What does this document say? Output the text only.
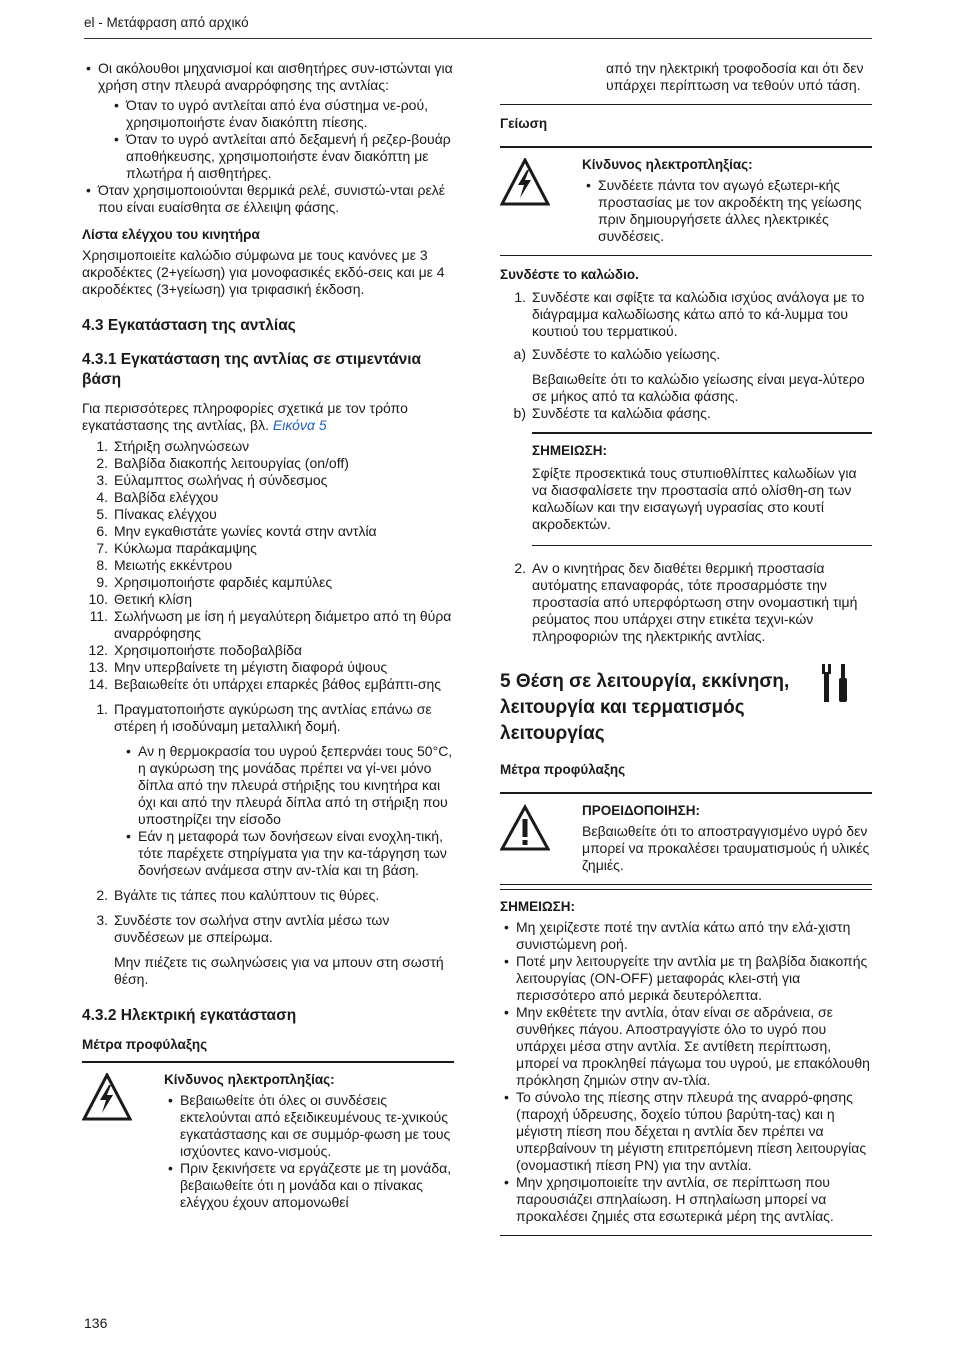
el - Μετάφραση από αρχικό
• Οι ακόλουθοι μηχανισμοί και αισθητήρες συν-ιστώνται για χρήση στην πλευρά αναρρόφησης της αντλίας:
• Όταν το υγρό αντλείται από ένα σύστημα νε-ρού, χρησιμοποιήστε έναν διακόπτη πίεσης.
• Όταν το υγρό αντλείται από δεξαμενή ή ρεζερ-βουάρ αποθήκευσης, χρησιμοποιήστε έναν διακόπτη με πλωτήρα ή αισθητήρες.
• Όταν χρησιμοποιούνται θερμικά ρελέ, συνιστώ-νται ρελέ που είναι ευαίσθητα σε έλλειψη φάσης.
Λίστα ελέγχου του κινητήρα

Χρησιμοποιείτε καλώδιο σύμφωνα με τους κανόνες με 3 ακροδέκτες (2+γείωση) για μονοφασικές εκδό-σεις και με 4 ακροδέκτες (3+γείωση) για τριφασική έκδοση.

4.3 Εγκατάσταση της αντλίας
4.3.1 Εγκατάσταση της αντλίας σε στιμεντάνια βάση

Για περισσότερες πληροφορίες σχετικά με τον τρόπο εγκατάστασης της αντλίας, βλ. Εικόνα 5

1. Στήριξη σωληνώσεων
2. Βαλβίδα διακοπής λειτουργίας (on/off)
3. Εύλαμπτος σωλήνας ή σύνδεσμος
4. Βαλβίδα ελέγχου
5. Πίνακας ελέγχου
6. Μην εγκαθιστάτε γωνίες κοντά στην αντλία
7. Κύκλωμα παράκαμψης
8. Μειωτής εκκέντρου
9. Χρησιμοποιήστε φαρδιές καμπύλες
10. Θετική κλίση
11. Σωλήνωση με ίση ή μεγαλύτερη διάμετρο από τη θύρα αναρρόφησης
12. Χρησιμοποιήστε ποδοβαλβίδα
13. Μην υπερβαίνετε τη μέγιστη διαφορά ύψους
14. Βεβαιωθείτε ότι υπάρχει επαρκές βάθος εμβάπτι-σης
1. Πραγματοποιήστε αγκύρωση της αντλίας επάνω σε στέρεη ή ισοδύναμη μεταλλική δομή.
• Αν η θερμοκρασία του υγρού ξεπερνάει τους 50°C, η αγκύρωση της μονάδας πρέπει να γί-νει μόνο δίπλα από την πλευρά στήριξης του κινητήρα και όχι και από την πλευρά δίπλα από τη στήριξη που υποστηρίζει την είσοδο
• Εάν η μεταφορά των δονήσεων είναι ενοχλη-τική, τότε παρέχετε στηρίγματα για την κα-τάργηση των δονήσεων ανάμεσα στην αν-τλία και τη βάση.
2. Βγάλτε τις τάπες που καλύπτουν τις θύρες.
3. Συνδέστε τον σωλήνα στην αντλία μέσω των συνδέσεων με σπείρωμα.

Μην πιέζετε τις σωληνώσεις για να μπουν στη σωστή θέση.

4.3.2 Ηλεκτρική εγκατάσταση
Μέτρα προφύλαξης
Κίνδυνος ηλεκτροπληξίας:
• Βεβαιωθείτε ότι όλες οι συνδέσεις εκτελούνται από εξειδικευμένους τε-χνικούς εγκατάστασης και σε συμμόρ-φωση με τους ισχύοντες κανο-νισμούς.
• Πριν ξεκινήσετε να εργάζεστε με τη μονάδα, βεβαιωθείτε ότι η μονάδα και ο πίνακας ελέγχου έχουν απομονωθεί

από την ηλεκτρική τροφοδοσία και ότι δεν υπάρχει περίπτωση να τεθούν υπό τάση.

Γείωση
Κίνδυνος ηλεκτροπληξίας:
• Συνδέετε πάντα τον αγωγό εξωτερι-κής προστασίας με τον ακροδέκτη της γείωσης πριν δημιουργήσετε άλλες ηλεκτρικές συνδέσεις.
Συνδέστε το καλώδιο.
1. Συνδέστε και σφίξτε τα καλώδια ισχύος ανάλογα με το διάγραμμα καλωδίωσης κάτω από το κά-λυμμα του κουτιού του τερματικού.
a) Συνδέστε το καλώδιο γείωσης.

Βεβαιωθείτε ότι το καλώδιο γείωσης είναι μεγα-λύτερο σε μήκος από τα καλώδια φάσης.

b) Συνδέστε τα καλώδια φάσης.
ΣΗΜΕΙΩΣΗ:

Σφίξτε προσεκτικά τους στυπιοθλίπτες καλωδίων για να διασφαλίσετε την προστασία από ολίσθη-ση των καλωδίων και την εισαγωγή υγρασίας στο κουτί ακροδεκτών.

2. Αν ο κινητήρας δεν διαθέτει θερμική προστασία αυτόματης επαναφοράς, τότε προσαρμόστε την προστασία από υπερφόρτωση στην ονομαστική τιμή ρεύματος που υπάρχει στην ετικέτα τεχνι-κών πληροφοριών της ηλεκτρικής αντλίας.
5 Θέση σε λειτουργία, εκκίνηση, λειτουργία και τερματισμός λειτουργίας
Μέτρα προφύλαξης
ΠΡΟΕΙΔΟΠΟΙΗΣΗ:

Βεβαιωθείτε ότι το αποστραγγισμένο υγρό δεν μπορεί να προκαλέσει τραυματισμούς ή υλικές ζημιές.

ΣΗΜΕΙΩΣΗ:
• Μη χειρίζεστε ποτέ την αντλία κάτω από την ελά-χιστη συνιστώμενη ροή.
• Ποτέ μην λειτουργείτε την αντλία με τη βαλβίδα διακοπής λειτουργίας (ON-OFF) μεταφοράς κλει-στή για περισσότερο από μερικά δευτερόλεπτα.
• Μην εκθέτετε την αντλία, όταν είναι σε αδράνεια, σε συνθήκες πάγου. Αποστραγγίστε όλο το υγρό που υπάρχει μέσα στην αντλία. Σε αντίθετη περίπτωση, μπορεί να προκληθεί πάγωμα του υγρού, με επακόλουθη πρόκληση ζημιών στην αν-τλία.
• Το σύνολο της πίεσης στην πλευρά της αναρρό-φησης (παροχή ύδρευσης, δοχείο τύπου βαρύτη-τας) και η μέγιστη πίεση που δέχεται η αντλία δεν πρέπει να υπερβαίνουν τη μέγιστη επιτρεπόμενη πίεση λειτουργίας (ονομαστική πίεση PN) για την αντλία.
• Μην χρησιμοποιείτε την αντλία, σε περίπτωση που παρουσιάζει σπηλαίωση. Η σπηλαίωση μπορεί να προκαλέσει ζημιές στα εσωτερικά μέρη της αντλίας.
136
